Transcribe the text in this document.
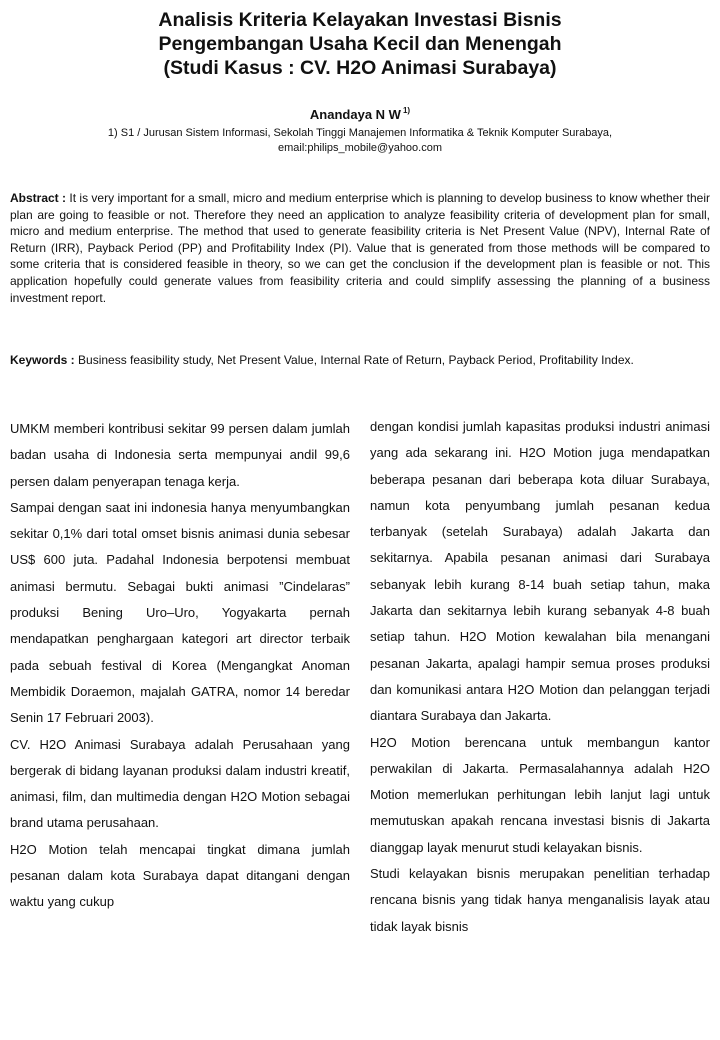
Analisis Kriteria Kelayakan Investasi Bisnis
Pengembangan Usaha Kecil dan Menengah
(Studi Kasus : CV. H2O Animasi Surabaya)
Anandaya N W $^{1)}$
1) S1 / Jurusan Sistem Informasi, Sekolah Tinggi Manajemen Informatika & Teknik Komputer Surabaya,
email:philips_mobile@yahoo.com
Abstract : It is very important for a small, micro and medium enterprise which is planning to develop business to know whether their plan are going to feasible or not. Therefore they need an application to analyze feasibility criteria of development plan for small, micro and medium enterprise. The method that used to generate feasibility criteria is Net Present Value (NPV), Internal Rate of Return (IRR), Payback Period (PP) and Profitability Index (PI). Value that is generated from those methods will be compared to some criteria that is considered feasible in theory, so we can get the conclusion if the development plan is feasible or not. This application hopefully could generate values from feasibility criteria and could simplify assessing the planning of a business investment report.
Keywords : Business feasibility study, Net Present Value, Internal Rate of Return, Payback Period, Profitability Index.

UMKM memberi kontribusi sekitar 99 persen dalam jumlah badan usaha di Indonesia serta mempunyai andil 99,6 persen dalam penyerapan tenaga kerja.

Sampai dengan saat ini indonesia hanya menyumbangkan sekitar 0,1% dari total omset bisnis animasi dunia sebesar US$ 600 juta. Padahal Indonesia berpotensi membuat animasi bermutu. Sebagai bukti animasi ”Cindelaras” produksi Bening Uro–Uro, Yogyakarta pernah mendapatkan penghargaan kategori art director terbaik pada sebuah festival di Korea (Mengangkat Anoman Membidik Doraemon, majalah GATRA, nomor 14 beredar Senin 17 Februari 2003).

CV. H2O Animasi Surabaya adalah Perusahaan yang bergerak di bidang layanan produksi dalam industri kreatif, animasi, film, dan multimedia dengan H2O Motion sebagai brand utama perusahaan.

H2O Motion telah mencapai tingkat dimana jumlah pesanan dalam kota Surabaya dapat ditangani dengan waktu yang cukup

dengan kondisi jumlah kapasitas produksi industri animasi yang ada sekarang ini. H2O Motion juga mendapatkan beberapa pesanan dari beberapa kota diluar Surabaya, namun kota penyumbang jumlah pesanan kedua terbanyak (setelah Surabaya) adalah Jakarta dan sekitarnya. Apabila pesanan animasi dari Surabaya sebanyak lebih kurang 8-14 buah setiap tahun, maka Jakarta dan sekitarnya lebih kurang sebanyak 4-8 buah setiap tahun. H2O Motion kewalahan bila menangani pesanan Jakarta, apalagi hampir semua proses produksi dan komunikasi antara H2O Motion dan pelanggan terjadi diantara Surabaya dan Jakarta.

H2O Motion berencana untuk membangun kantor perwakilan di Jakarta. Permasalahannya adalah H2O Motion memerlukan perhitungan lebih lanjut lagi untuk memutuskan apakah rencana investasi bisnis di Jakarta dianggap layak menurut studi kelayakan bisnis.

Studi kelayakan bisnis merupakan penelitian terhadap rencana bisnis yang tidak hanya menganalisis layak atau tidak layak bisnis
